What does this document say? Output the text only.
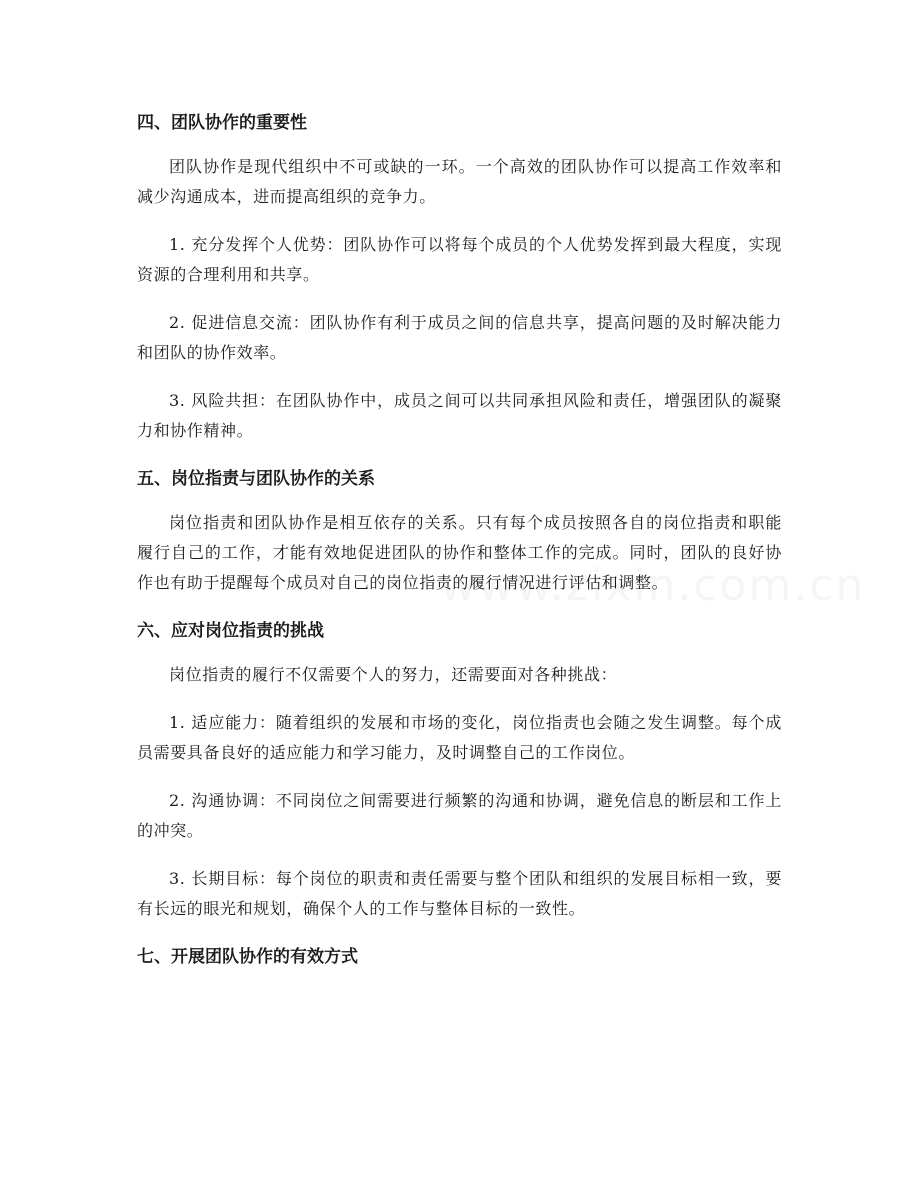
四、团队协作的重要性

团队协作是现代组织中不可或缺的一环。一个高效的团队协作可以提高工作效率和减少沟通成本，进而提高组织的竞争力。

1. 充分发挥个人优势：团队协作可以将每个成员的个人优势发挥到最大程度，实现资源的合理利用和共享。

2. 促进信息交流：团队协作有利于成员之间的信息共享，提高问题的及时解决能力和团队的协作效率。

3. 风险共担：在团队协作中，成员之间可以共同承担风险和责任，增强团队的凝聚力和协作精神。

五、岗位指责与团队协作的关系

岗位指责和团队协作是相互依存的关系。只有每个成员按照各自的岗位指责和职能履行自己的工作，才能有效地促进团队的协作和整体工作的完成。同时，团队的良好协作也有助于提醒每个成员对自己的岗位指责的履行情况进行评估和调整。

六、应对岗位指责的挑战

岗位指责的履行不仅需要个人的努力，还需要面对各种挑战：

1. 适应能力：随着组织的发展和市场的变化，岗位指责也会随之发生调整。每个成员需要具备良好的适应能力和学习能力，及时调整自己的工作岗位。

2. 沟通协调：不同岗位之间需要进行频繁的沟通和协调，避免信息的断层和工作上的冲突。

3. 长期目标：每个岗位的职责和责任需要与整个团队和组织的发展目标相一致，要有长远的眼光和规划，确保个人的工作与整体目标的一致性。

七、开展团队协作的有效方式
